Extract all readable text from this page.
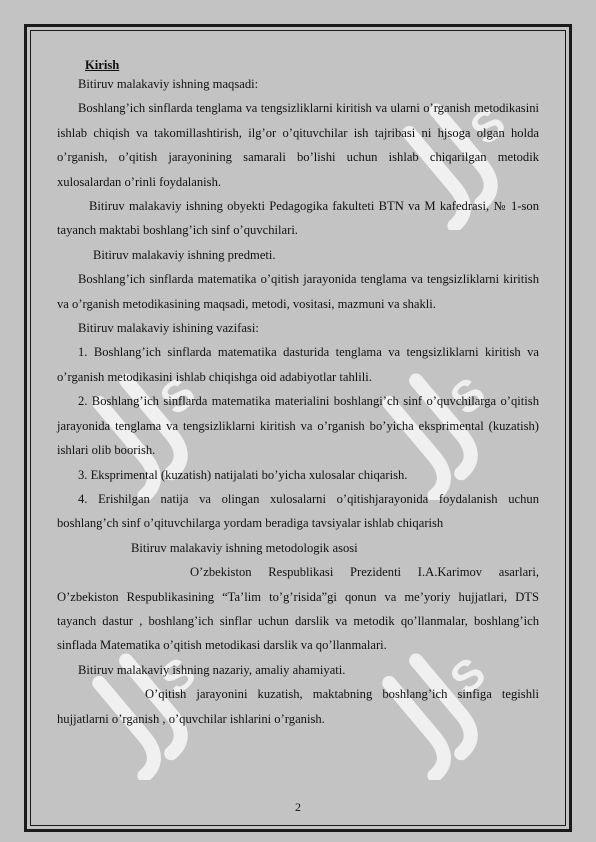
S
S	S
S	S

Kirish

Bitiruv malakaviy ishning maqsadi:

Boshlang’ich sinflarda tenglama va tengsizliklarni kiritish va ularni o’rganish metodikasini ishlab chiqish va takomillashtirish, ilg’or o’qituvchilar ish tajribasi ni hjsoga olgan holda o’rganish, o’qitish jarayonining samarali bo’lishi uchun ishlab chiqarilgan metodik xulosalardan o’rinli foydalanish.

Bitiruv malakaviy ishning obyekti Pedagogika fakulteti BTN va M kafedrasi, № 1-son tayanch maktabi boshlang’ich sinf o’quvchilari.

Bitiruv malakaviy ishning predmeti.

Boshlang’ich sinflarda matematika o’qitish jarayonida tenglama va tengsizliklarni kiritish va o’rganish metodikasining maqsadi, metodi, vositasi, mazmuni va shakli.

Bitiruv malakaviy ishining vazifasi:

1. Boshlang’ich sinflarda matematika dasturida tenglama va tengsizliklarni kiritish va o’rganish metodikasini ishlab chiqishga oid adabiyotlar tahlili.

2. Boshlang’ich sinflarda matematika materialini boshlangi’ch sinf o’quvchilarga o’qitish jarayonida tenglama va tengsizliklarni kiritish va o’rganish bo’yicha eksprimental (kuzatish) ishlari olib boorish.

3. Eksprimental (kuzatish) natijalati bo’yicha xulosalar chiqarish.

4. Erishilgan natija va olingan xulosalarni o’qitishjarayonida foydalanish uchun boshlang’ch sinf o’qituvchilarga yordam beradiga tavsiyalar ishlab chiqarish

Bitiruv malakaviy ishning metodologik asosi

O’zbekiston Respublikasi Prezidenti I.A.Karimov asarlari, O’zbekiston Respublikasining “Ta’lim to’g’risida”gi qonun va me’yoriy hujjatlari, DTS tayanch dastur , boshlang’ich sinflar uchun darslik va metodik qo’llanmalar, boshlang’ich sinflada Matematika o’qitish metodikasi darslik va qo’llanmalari.

Bitiruv malakaviy ishning nazariy, amaliy ahamiyati.

O’qitish jarayonini kuzatish, maktabning boshlang’ich sinfiga tegishli hujjatlarni o’rganish , o’quvchilar ishlarini o’rganish.

2
